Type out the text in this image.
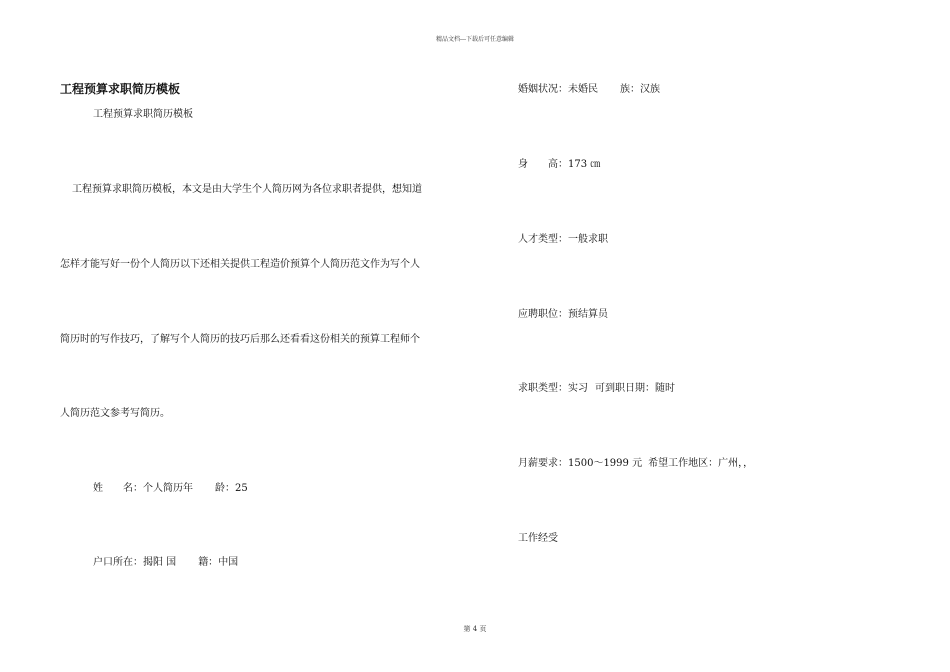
精品文档---下载后可任意编辑
工程预算求职简历模板
工程预算求职简历模板
工程预算求职简历模板，本文是由大学生个人简历网为各位求职者提供，想知道
怎样才能写好一份个人简历以下还相关提供工程造价预算个人简历范文作为写个人
简历时的写作技巧，了解写个人简历的技巧后那么还看看这份相关的预算工程师个
人简历范文参考写简历。
姓　　名：个人简历年 龄：25
户口所在：揭阳 国 籍：中国
婚姻状况：未婚民 族：汉族
身　　高：173 ㎝
人才类型：一般求职
应聘职位：预结算员
求职类型：实习 可到职日期：随时
月薪要求：1500～1999 元 希望工作地区：广州，，
工作经受
第 4 页
